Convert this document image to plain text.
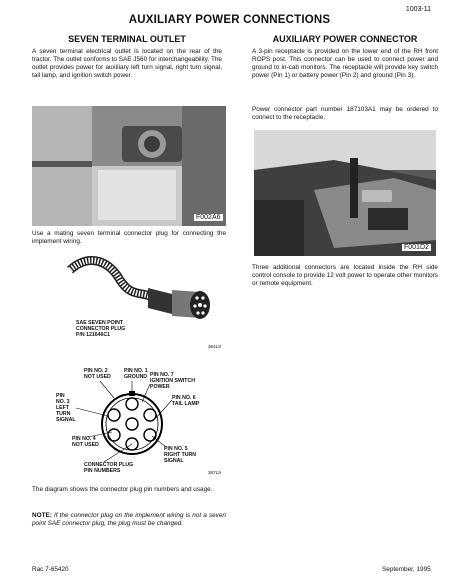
1003-11
AUXILIARY POWER CONNECTIONS
SEVEN TERMINAL OUTLET
A seven terminal electrical outlet is located on the rear of the tractor. The outlet conforms to SAE J560 for interchangeability. The outlet provides power for auxiliary left turn signal, right turn signal, tail lamp, and ignition switch power.
F002A6
Use a mating seven terminal connector plug for connecting the implement wiring.
SAE SEVEN POINT
CONNECTOR PLUG
P/N 121646C1
364L9
PIN NO. 2
NOT USED
PIN NO. 1
GROUND PIN NO. 7
IGNITION SWITCH
POWER
PIN
NO. 3
LEFT
TURN
SIGNAL
PIN NO. 6
TAIL LAMP
PIN NO. 4
NOT USED
PIN NO. 5
RIGHT TURN
SIGNAL
CONNECTOR PLUG
PIN NUMBERS	367L9
The diagram shows the connector plug pin numbers and usage.
NOTE: If the connector plug on the implement wiring is not a seven point SAE connector plug, the plug must be changed.
AUXILIARY POWER CONNECTOR
A 3-pin receptacle is provided on the lower end of the RH front ROPS post. This connector can be used to connect power and ground to in-cab monitors. The receptacle will provide key switch power (Pin 1) or battery power (Pin 2) and ground (Pin 3).
Power connector part number 187103A1 may be ordered to connect to the receptacle.
F001D2
Three additional connectors are located inside the RH side control console to provide 12 volt power to operate other monitors or remote equipment.
Rac 7-65420	September, 1995
